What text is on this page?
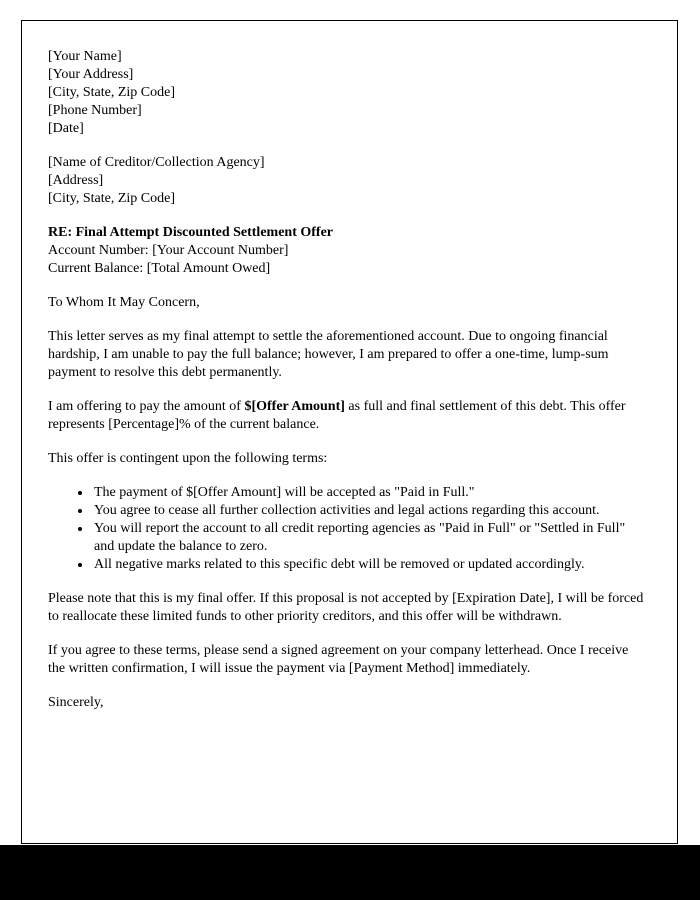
[Your Name]
[Your Address]
[City, State, Zip Code]
[Phone Number]
[Date]
[Name of Creditor/Collection Agency]
[Address]
[City, State, Zip Code]

RE: Final Attempt Discounted Settlement Offer

Account Number: [Your Account Number]

Current Balance: [Total Amount Owed]

To Whom It May Concern,

This letter serves as my final attempt to settle the aforementioned account. Due to ongoing financial hardship, I am unable to pay the full balance; however, I am prepared to offer a one-time, lump-sum payment to resolve this debt permanently.

I am offering to pay the amount of $[Offer Amount] as full and final settlement of this debt. This offer represents [Percentage]% of the current balance.

This offer is contingent upon the following terms:

• The payment of $[Offer Amount] will be accepted as "Paid in Full."
• You agree to cease all further collection activities and legal actions regarding this account.
• You will report the account to all credit reporting agencies as "Paid in Full" or "Settled in Full" and update the balance to zero.
• All negative marks related to this specific debt will be removed or updated accordingly.

Please note that this is my final offer. If this proposal is not accepted by [Expiration Date], I will be forced to reallocate these limited funds to other priority creditors, and this offer will be withdrawn.

If you agree to these terms, please send a signed agreement on your company letterhead. Once I receive the written confirmation, I will issue the payment via [Payment Method] immediately.

Sincerely,
